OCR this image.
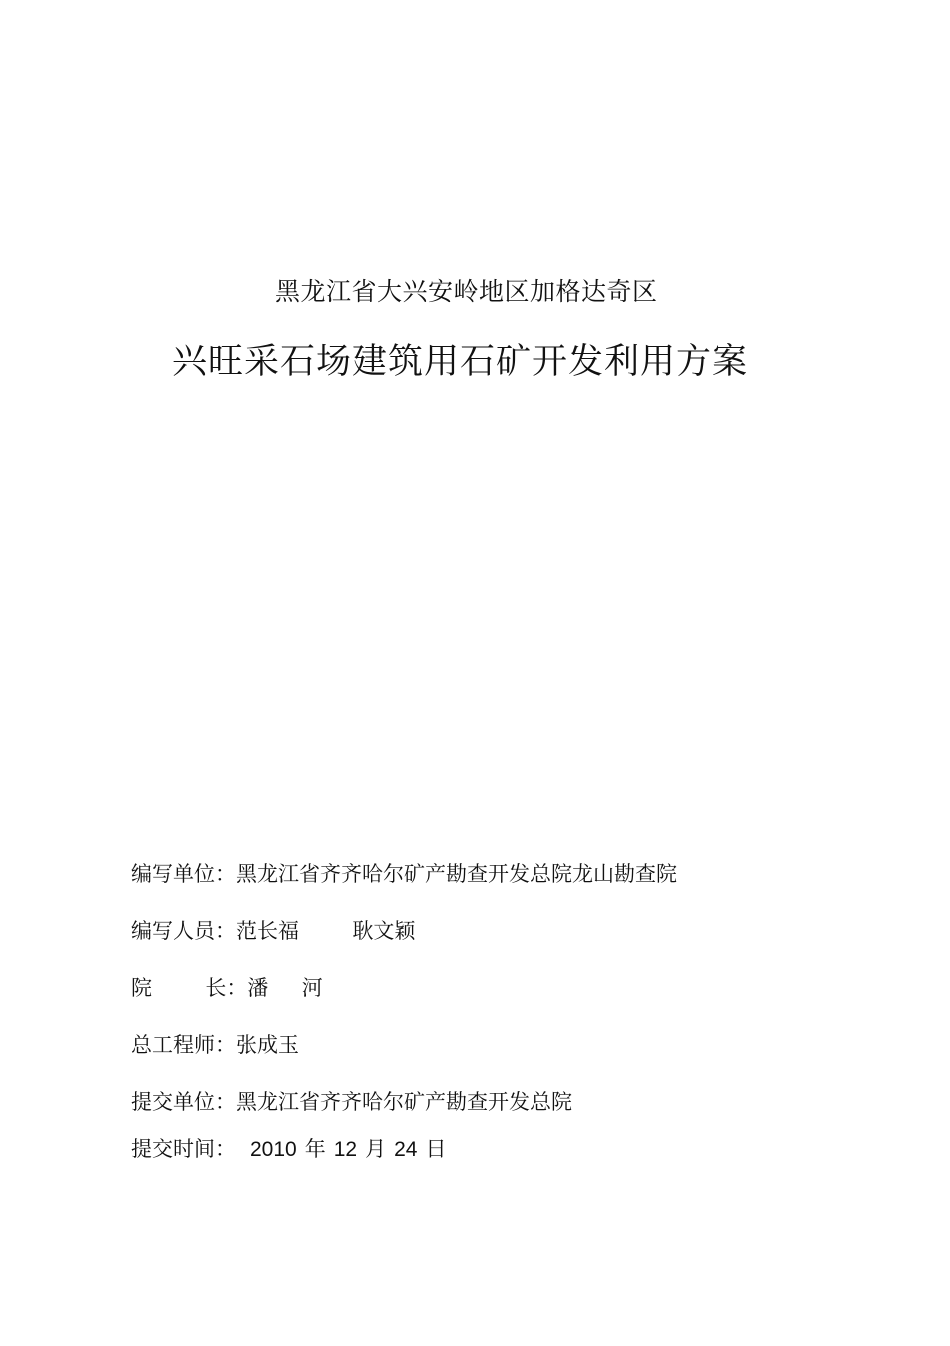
黑龙江省大兴安岭地区加格达奇区
兴旺采石场建筑用石矿开发利用方案
编写单位： 黑龙江省齐齐哈尔矿产勘查开发总院龙山勘查院
编写人员： 范长福        耿文颖
院        长： 潘     河
总工程师： 张成玉
提交单位： 黑龙江省齐齐哈尔矿产勘查开发总院
提交时间： 2010 年 12 月 24 日
